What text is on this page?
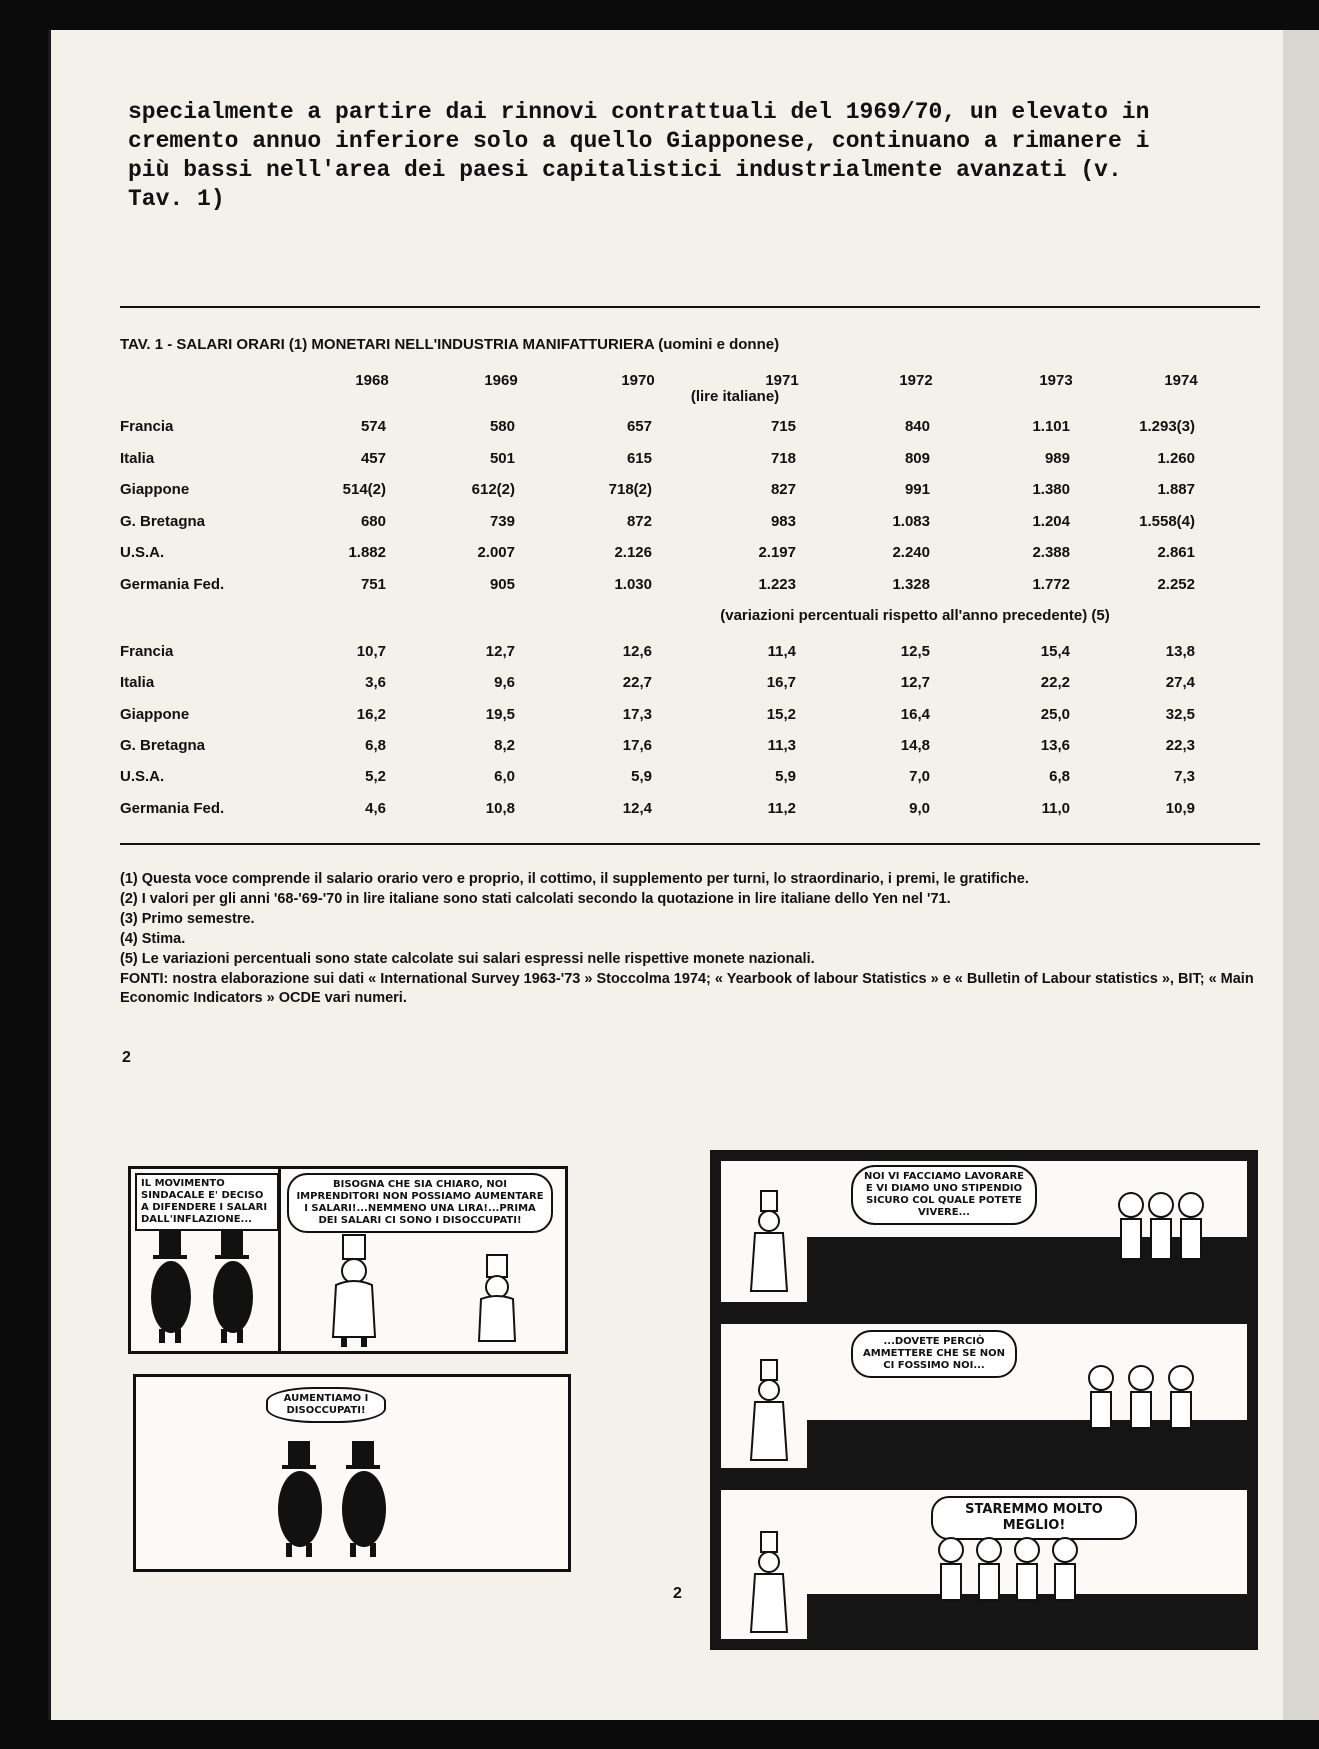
specialmente a partire dai rinnovi contrattuali del 1969/70, un elevato in
cremento annuo inferiore solo a quello Giapponese, continuano a rimanere i
più bassi nell'area dei paesi capitalistici industrialmente avanzati (v.
Tav. 1)

TAV. 1 - SALARI ORARI (1) MONETARI NELL'INDUSTRIA MANIFATTURIERA (uomini e donne)
1968	1969	1970	1971	1972	1973	1974
(lire italiane)
Francia	574	580	657	715	840	1.101	1.293(3)
Italia	457	501	615	718	809	989	1.260
Giappone	514(2)	612(2)	718(2)	827	991	1.380	1.887
G. Bretagna	680	739	872	983	1.083	1.204	1.558(4)
U.S.A.	1.882	2.007	2.126	2.197	2.240	2.388	2.861
Germania Fed.	751	905	1.030	1.223	1.328	1.772	2.252
(variazioni percentuali rispetto all'anno precedente) (5)
Francia	10,7	12,7	12,6	11,4	12,5	15,4	13,8
Italia	3,6	9,6	22,7	16,7	12,7	22,2	27,4
Giappone	16,2	19,5	17,3	15,2	16,4	25,0	32,5
G. Bretagna	6,8	8,2	17,6	11,3	14,8	13,6	22,3
U.S.A.	5,2	6,0	5,9	5,9	7,0	6,8	7,3
Germania Fed.	4,6	10,8	12,4	11,2	9,0	11,0	10,9
(1) Questa voce comprende il salario orario vero e proprio, il cottimo, il supplemento per turni, lo straordinario, i premi, le gratifiche.
(2) I valori per gli anni '68-'69-'70 in lire italiane sono stati calcolati secondo la quotazione in lire italiane dello Yen nel '71.
(3) Primo semestre.
(4) Stima.
(5) Le variazioni percentuali sono state calcolate sui salari espressi nelle rispettive monete nazionali.
FONTI: nostra elaborazione sui dati « International Survey 1963-'73 » Stoccolma 1974; « Yearbook of labour Statistics » e « Bulletin of Labour statistics », BIT; « Main Economic Indicators » OCDE vari numeri.
2
IL MOVIMENTO SINDACALE E' DECISO A DIFENDERE I SALARI DALL'INFLAZIONE...
BISOGNA CHE SIA CHIARO, NOI IMPRENDITORI NON POSSIAMO AUMENTARE I SALARI!...NEMMENO UNA LIRA!...PRIMA DEI SALARI CI SONO I DISOCCUPATI!
AUMENTIAMO I DISOCCUPATI!
NOI VI FACCIAMO LAVORARE E VI DIAMO UNO STIPENDIO SICURO COL QUALE POTETE VIVERE...
...DOVETE PERCIÒ AMMETTERE CHE SE NON CI FOSSIMO NOI...
STAREMMO MOLTO MEGLIO!
2
